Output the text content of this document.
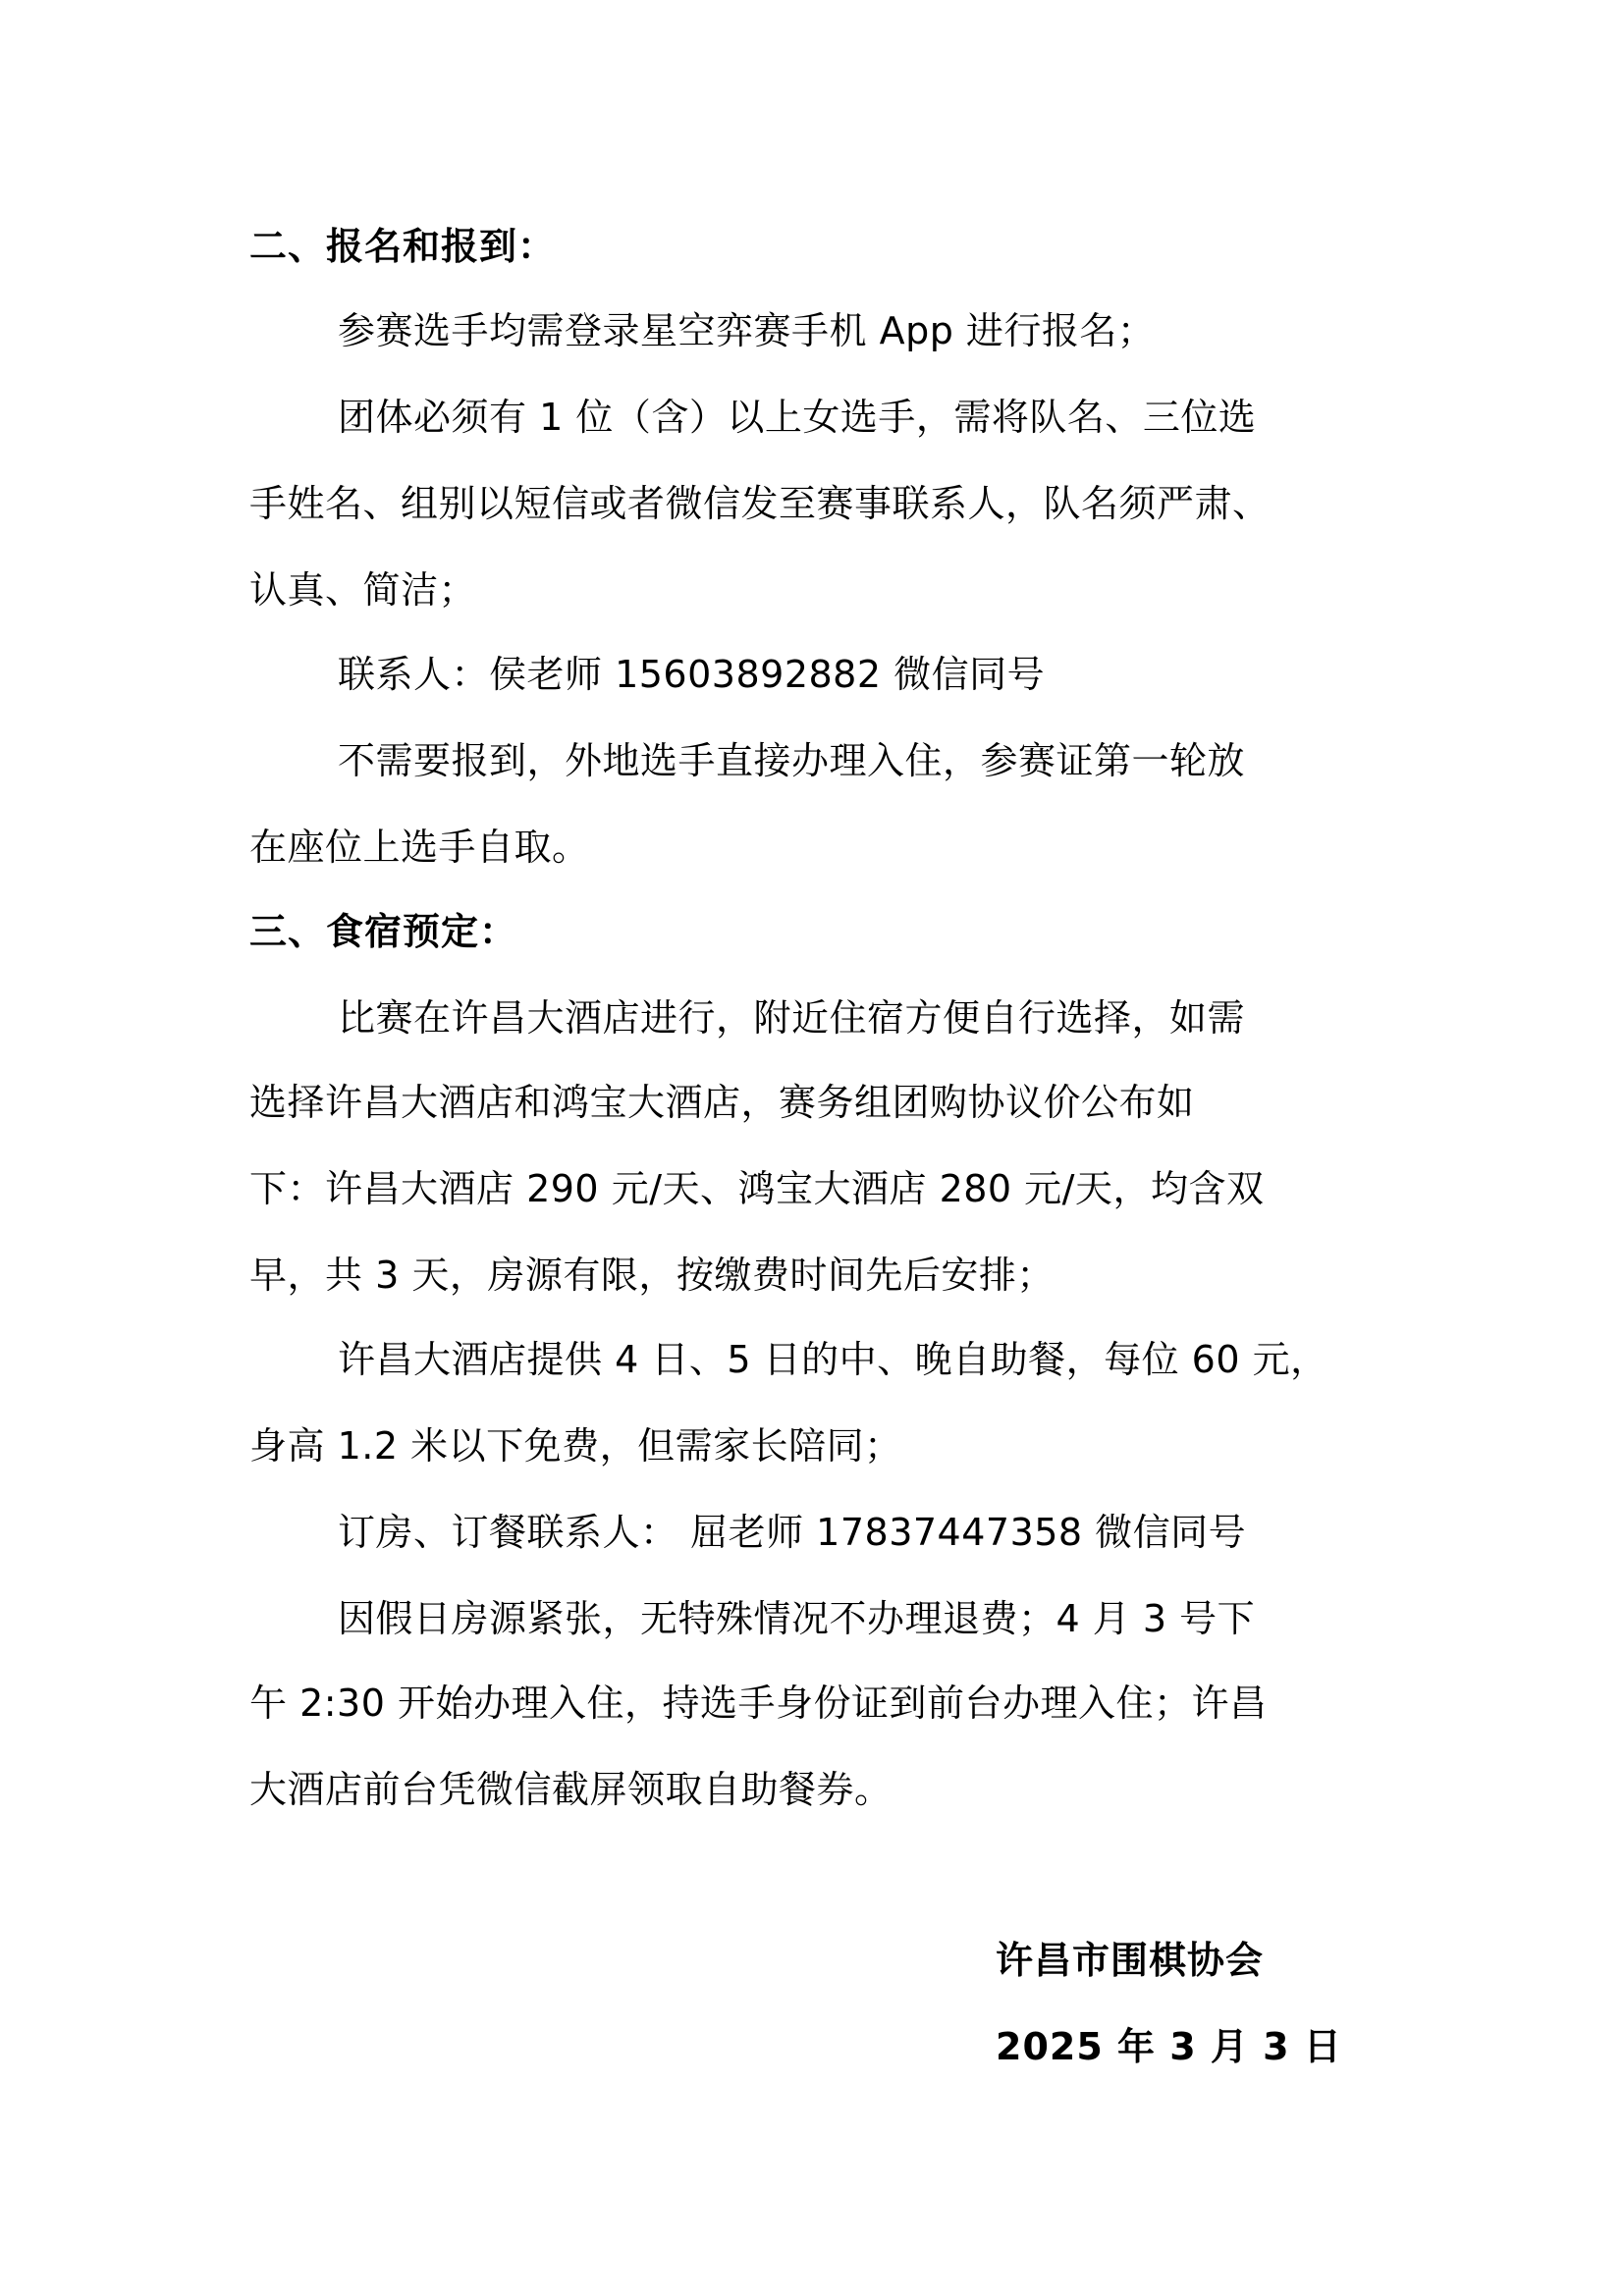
二、报名和报到：
参赛选手均需登录星空弈赛手机 App 进行报名；
团体必须有 1 位（含）以上女选手，需将队名、三位选
手姓名、组别以短信或者微信发至赛事联系人，队名须严肃、
认真、简洁；
联系人：侯老师 15603892882 微信同号
不需要报到，外地选手直接办理入住，参赛证第一轮放
在座位上选手自取。
三、食宿预定：
比赛在许昌大酒店进行，附近住宿方便自行选择，如需
选择许昌大酒店和鸿宝大酒店，赛务组团购协议价公布如
下：许昌大酒店 290 元/天、鸿宝大酒店 280 元/天，均含双
早，共 3 天，房源有限，按缴费时间先后安排；
许昌大酒店提供 4 日、5 日的中、晚自助餐，每位 60 元，
身高 1.2 米以下免费，但需家长陪同；
订房、订餐联系人： 屈老师 17837447358 微信同号
因假日房源紧张，无特殊情况不办理退费；4 月 3 号下
午 2:30 开始办理入住，持选手身份证到前台办理入住；许昌
大酒店前台凭微信截屏领取自助餐券。
许昌市围棋协会
2025 年 3 月 3 日
